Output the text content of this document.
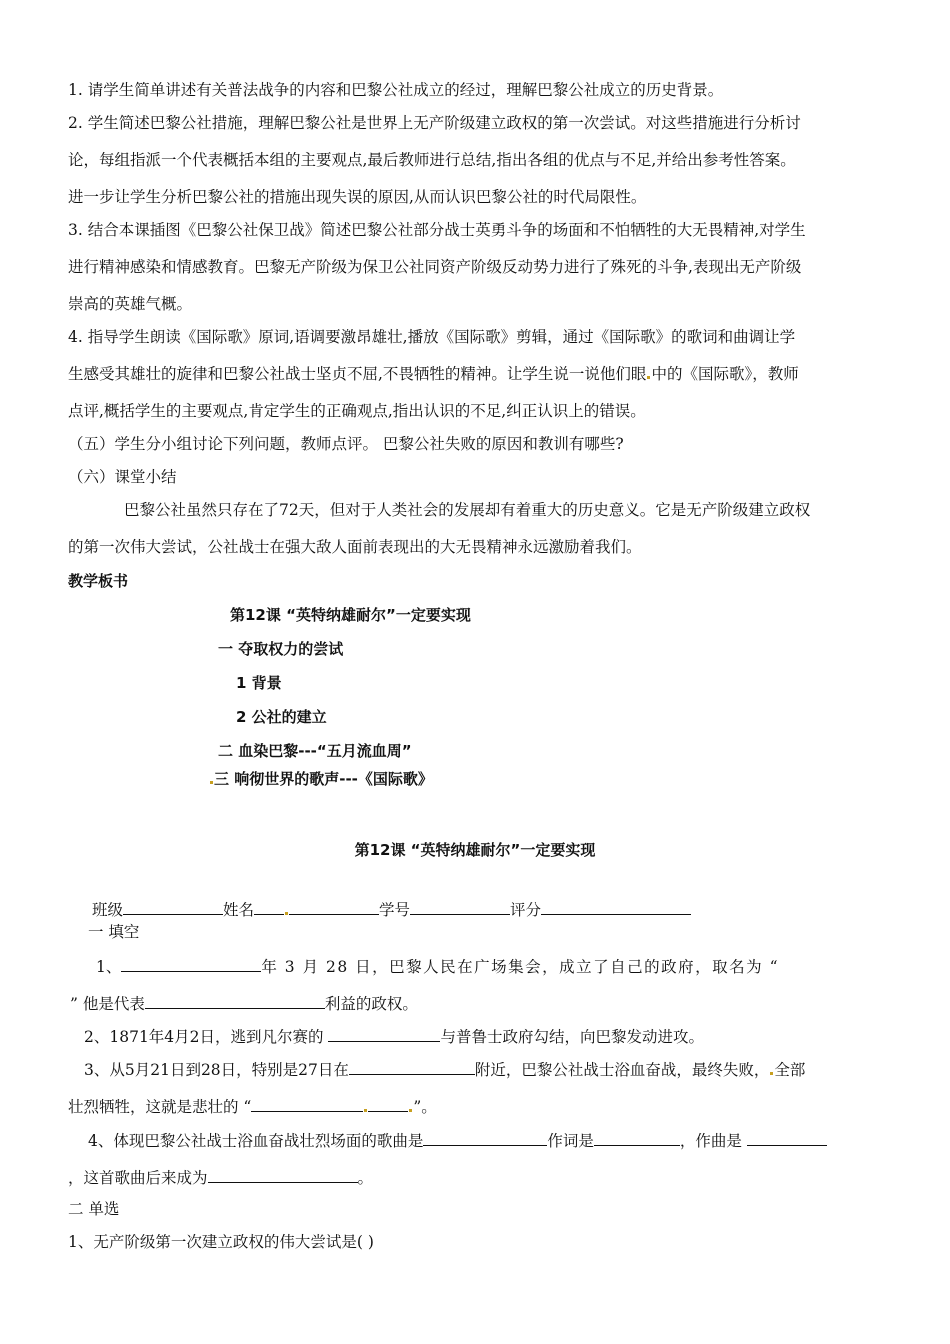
1. 请学生简单讲述有关普法战争的内容和巴黎公社成立的经过，理解巴黎公社成立的历史背景。
2. 学生简述巴黎公社措施，理解巴黎公社是世界上无产阶级建立政权的第一次尝试。对这些措施进行分析讨
论，每组指派一个代表概括本组的主要观点,最后教师进行总结,指出各组的优点与不足,并给出参考性答案。
进一步让学生分析巴黎公社的措施出现失误的原因,从而认识巴黎公社的时代局限性。
3. 结合本课插图《巴黎公社保卫战》简述巴黎公社部分战士英勇斗争的场面和不怕牺牲的大无畏精神,对学生
进行精神感染和情感教育。巴黎无产阶级为保卫公社同资产阶级反动势力进行了殊死的斗争,表现出无产阶级
崇高的英雄气概。
4. 指导学生朗读《国际歌》原词,语调要激昂雄壮,播放《国际歌》剪辑，通过《国际歌》的歌词和曲调让学
生感受其雄壮的旋律和巴黎公社战士坚贞不屈,不畏牺牲的精神。让学生说一说他们眼 中的《国际歌》，教师
点评,概括学生的主要观点,肯定学生的正确观点,指出认识的不足,纠正认识上的错误。
（五）学生分小组讨论下列问题，教师点评。 巴黎公社失败的原因和教训有哪些?
（六）课堂小结
巴黎公社虽然只存在了72天，但对于人类社会的发展却有着重大的历史意义。它是无产阶级建立政权
的第一次伟大尝试，公社战士在强大敌人面前表现出的大无畏精神永远激励着我们。
教学板书
第12课 “英特纳雄耐尔”一定要实现
一 夺取权力的尝试
1 背景
2 公社的建立
二 血染巴黎---“五月流血周”
三 响彻世界的歌声---《国际歌》
第12课 “英特纳雄耐尔”一定要实现
班级	姓名	学号	评分
一 填空
1、	年 3 月 28 日，巴黎人民在广场集会，成立了自己的政府，取名为 “
” 他是代表	利益的政权。
2、1871年4月2日，逃到凡尔赛的	与普鲁士政府勾结，向巴黎发动进攻。
3、从5月21日到28日，特别是27日在	附近，巴黎公社战士浴血奋战，最终失败， 全部
壮烈牺牲，这就是悲壮的 “	”。
4、体现巴黎公社战士浴血奋战壮烈场面的歌曲是	作词是	，作曲是
，这首歌曲后来成为	。
二 单选
1、无产阶级第一次建立政权的伟大尝试是( )
